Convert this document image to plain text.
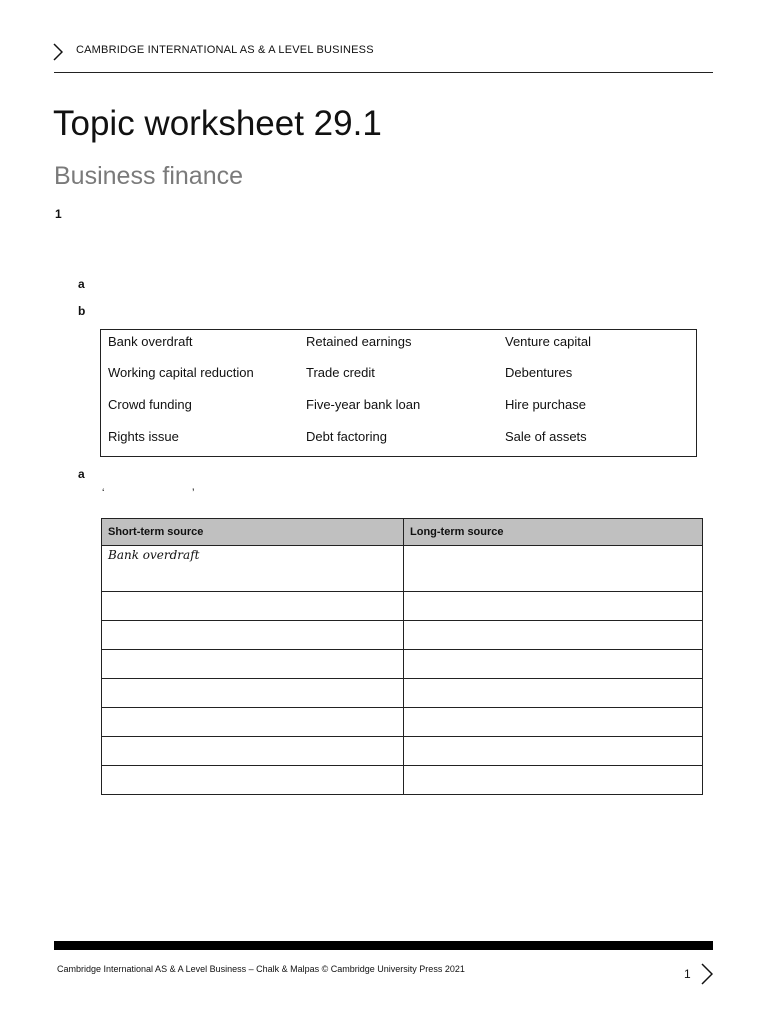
CAMBRIDGE INTERNATIONAL AS & A LEVEL BUSINESS
Topic worksheet 29.1
Business finance
1
a
b
Bank overdraft	Retained earnings	Venture capital
Working capital reduction	Trade credit	Debentures
Crowd funding	Five-year bank loan	Hire purchase
Rights issue	Debt factoring	Sale of assets
a
‘	’
Short-term source	Long-term source
Bank overdraft	

Cambridge International AS & A Level Business – Chalk & Malpas © Cambridge University Press 2021	1
